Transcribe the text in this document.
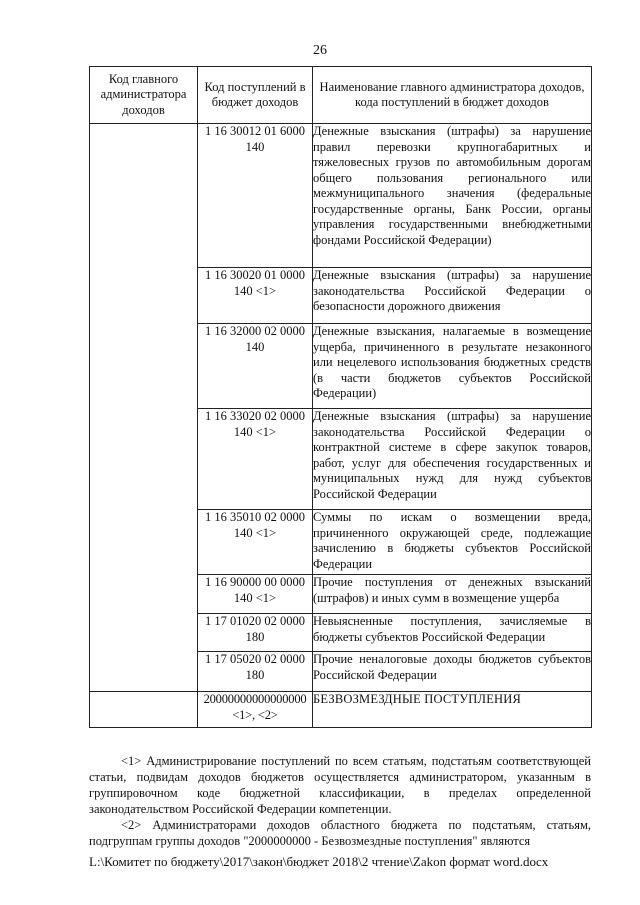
26
Код главного администратора доходов	Код поступлений в бюджет доходов	Наименование главного администратора доходов, кода поступлений в бюджет доходов
	1 16 30012 01 6000 140	Денежные взыскания (штрафы) за нарушение правил перевозки крупногабаритных и тяжеловесных грузов по автомобильным дорогам общего пользования регионального или межмуниципального значения (федеральные государственные органы, Банк России, органы управления государственными внебюджетными фондами Российской Федерации)
	1 16 30020 01 0000 140 <1>	Денежные взыскания (штрафы) за нарушение законодательства Российской Федерации о безопасности дорожного движения
	1 16 32000 02 0000 140	Денежные взыскания, налагаемые в возмещение ущерба, причиненного в результате незаконного или нецелевого использования бюджетных средств (в части бюджетов субъектов Российской Федерации)
	1 16 33020 02 0000 140 <1>	Денежные взыскания (штрафы) за нарушение законодательства Российской Федерации о контрактной системе в сфере закупок товаров, работ, услуг для обеспечения государственных и муниципальных нужд для нужд субъектов Российской Федерации
	1 16 35010 02 0000 140 <1>	Суммы по искам о возмещении вреда, причиненного окружающей среде, подлежащие зачислению в бюджеты субъектов Российской Федерации
	1 16 90000 00 0000 140 <1>	Прочие поступления от денежных взысканий (штрафов) и иных сумм в возмещение ущерба
	1 17 01020 02 0000 180	Невыясненные поступления, зачисляемые в бюджеты субъектов Российской Федерации
	1 17 05020 02 0000 180	Прочие неналоговые доходы бюджетов субъектов Российской Федерации
	20000000000000000 <1>, <2>	БЕЗВОЗМЕЗДНЫЕ ПОСТУПЛЕНИЯ

<1> Администрирование поступлений по всем статьям, подстатьям соответствующей статьи, подвидам доходов бюджетов осуществляется администратором, указанным в группировочном коде бюджетной классификации, в пределах определенной законодательством Российской Федерации компетенции.

<2> Администраторами доходов областного бюджета по подстатьям, статьям, подгруппам группы доходов "2000000000 - Безвозмездные поступления" являются

L:\Комитет по бюджету\2017\закон\бюджет 2018\2 чтение\Zakon формат word.docx
